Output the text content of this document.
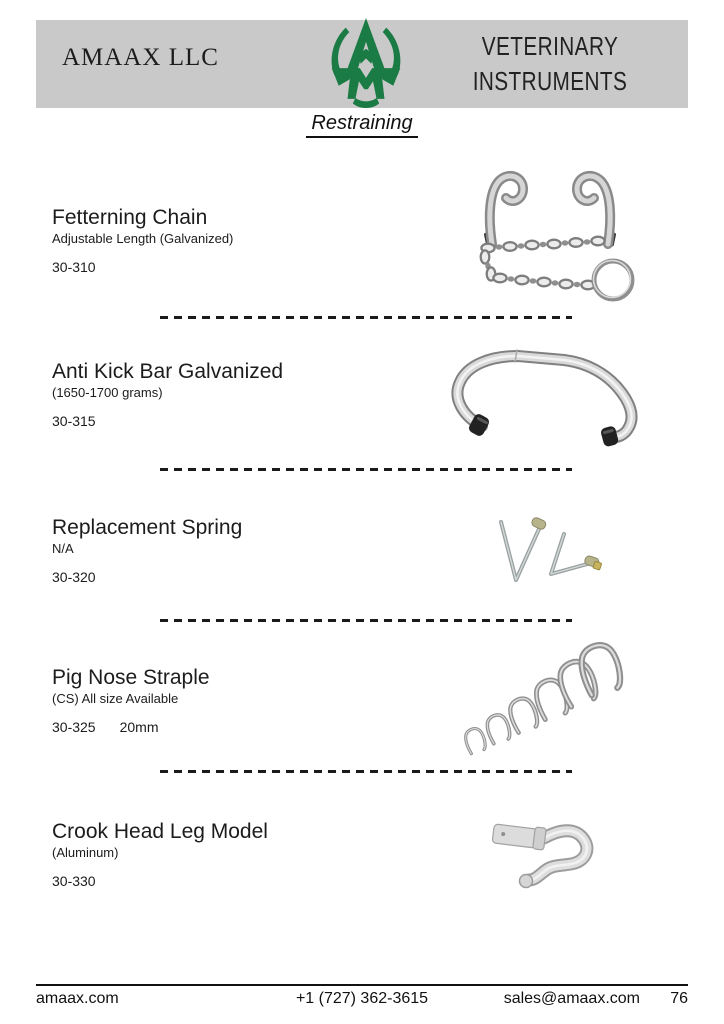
AMAAX LLC	VETERINARY
INSTRUMENTS
Restraining
Fetterning Chain
Adjustable Length (Galvanized)
30-310
Anti Kick Bar Galvanized
(1650-1700 grams)
30-315
Replacement Spring
N/A
30-320
Pig Nose Straple
(CS) All size Available
30-325 20mm
Crook Head Leg Model
(Aluminum)
30-330
amaax.com	+1 (727) 362-3615	sales@amaax.com 76
